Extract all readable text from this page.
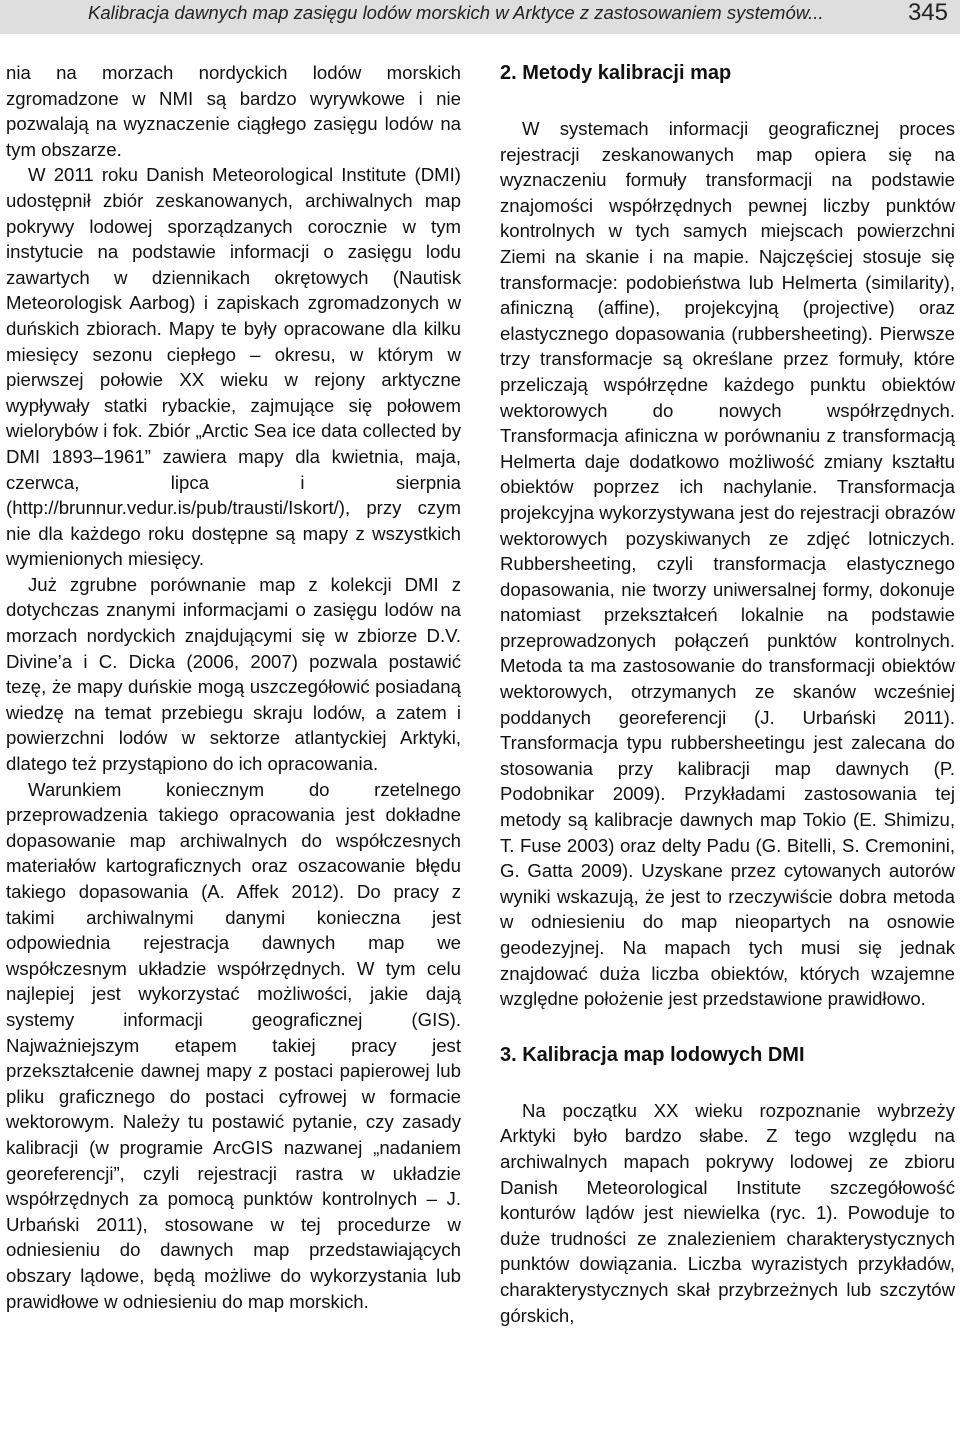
Kalibracja dawnych map zasięgu lodów morskich w Arktyce z zastosowaniem systemów...	345

nia na morzach nordyckich lodów morskich zgromadzone w NMI są bardzo wyrywkowe i nie pozwalają na wyznaczenie ciągłego zasięgu lodów na tym obszarze.

W 2011 roku Danish Meteorological Institute (DMI) udostępnił zbiór zeskanowanych, archiwalnych map pokrywy lodowej sporządzanych corocznie w tym instytucie na podstawie informacji o zasięgu lodu zawartych w dziennikach okrętowych (Nautisk Meteorologisk Aarbog) i zapiskach zgromadzonych w duńskich zbiorach. Mapy te były opracowane dla kilku miesięcy sezonu ciepłego – okresu, w którym w pierwszej połowie XX wieku w rejony arktyczne wypływały statki rybackie, zajmujące się połowem wielorybów i fok. Zbiór „Arctic Sea ice data collected by DMI 1893–1961” zawiera mapy dla kwietnia, maja, czerwca, lipca i sierpnia (http://brunnur.vedur.is/pub/trausti/Iskort/), przy czym nie dla każdego roku dostępne są mapy z wszystkich wymienionych miesięcy.

Już zgrubne porównanie map z kolekcji DMI z dotychczas znanymi informacjami o zasięgu lodów na morzach nordyckich znajdującymi się w zbiorze D.V. Divine’a i C. Dicka (2006, 2007) pozwala postawić tezę, że mapy duńskie mogą uszczegółowić posiadaną wiedzę na temat przebiegu skraju lodów, a zatem i powierzchni lodów w sektorze atlantyckiej Arktyki, dlatego też przystąpiono do ich opracowania.

Warunkiem koniecznym do rzetelnego przeprowadzenia takiego opracowania jest dokładne dopasowanie map archiwalnych do współczesnych materiałów kartograficznych oraz oszacowanie błędu takiego dopasowania (A. Affek 2012). Do pracy z takimi archiwalnymi danymi konieczna jest odpowiednia rejestracja dawnych map we współczesnym układzie współrzędnych. W tym celu najlepiej jest wykorzystać możliwości, jakie dają systemy informacji geograficznej (GIS). Najważniejszym etapem takiej pracy jest przekształcenie dawnej mapy z postaci papierowej lub pliku graficznego do postaci cyfrowej w formacie wektorowym. Należy tu postawić pytanie, czy zasady kalibracji (w programie ArcGIS nazwanej „nadaniem georeferencji”, czyli rejestracji rastra w układzie współrzędnych za pomocą punktów kontrolnych – J. Urbański 2011), stosowane w tej procedurze w odniesieniu do dawnych map przedstawiających obszary lądowe, będą możliwe do wykorzystania lub prawidłowe w odniesieniu do map morskich.

2. Metody kalibracji map

W systemach informacji geograficznej proces rejestracji zeskanowanych map opiera się na wyznaczeniu formuły transformacji na podstawie znajomości współrzędnych pewnej liczby punktów kontrolnych w tych samych miejscach powierzchni Ziemi na skanie i na mapie. Najczęściej stosuje się transformacje: podobieństwa lub Helmerta (similarity), afiniczną (affine), projekcyjną (projective) oraz elastycznego dopasowania (rubbersheeting). Pierwsze trzy transformacje są określane przez formuły, które przeliczają współrzędne każdego punktu obiektów wektorowych do nowych współrzędnych. Transformacja afiniczna w porównaniu z transformacją Helmerta daje dodatkowo możliwość zmiany kształtu obiektów poprzez ich nachylanie. Transformacja projekcyjna wykorzystywana jest do rejestracji obrazów wektorowych pozyskiwanych ze zdjęć lotniczych. Rubbersheeting, czyli transformacja elastycznego dopasowania, nie tworzy uniwersalnej formy, dokonuje natomiast przekształceń lokalnie na podstawie przeprowadzonych połączeń punktów kontrolnych. Metoda ta ma zastosowanie do transformacji obiektów wektorowych, otrzymanych ze skanów wcześniej poddanych georeferencji (J. Urbański 2011). Transformacja typu rubbersheetingu jest zalecana do stosowania przy kalibracji map dawnych (P. Podobnikar 2009). Przykładami zastosowania tej metody są kalibracje dawnych map Tokio (E. Shimizu, T. Fuse 2003) oraz delty Padu (G. Bitelli, S. Cremonini, G. Gatta 2009). Uzyskane przez cytowanych autorów wyniki wskazują, że jest to rzeczywiście dobra metoda w odniesieniu do map nieopartych na osnowie geodezyjnej. Na mapach tych musi się jednak znajdować duża liczba obiektów, których wzajemne względne położenie jest przedstawione prawidłowo.

3. Kalibracja map lodowych DMI

Na początku XX wieku rozpoznanie wybrzeży Arktyki było bardzo słabe. Z tego względu na archiwalnych mapach pokrywy lodowej ze zbioru Danish Meteorological Institute szczegółowość konturów lądów jest niewielka (ryc. 1). Powoduje to duże trudności ze znalezieniem charakterystycznych punktów dowiązania. Liczba wyrazistych przykładów, charakterystycznych skał przybrzeżnych lub szczytów górskich,
